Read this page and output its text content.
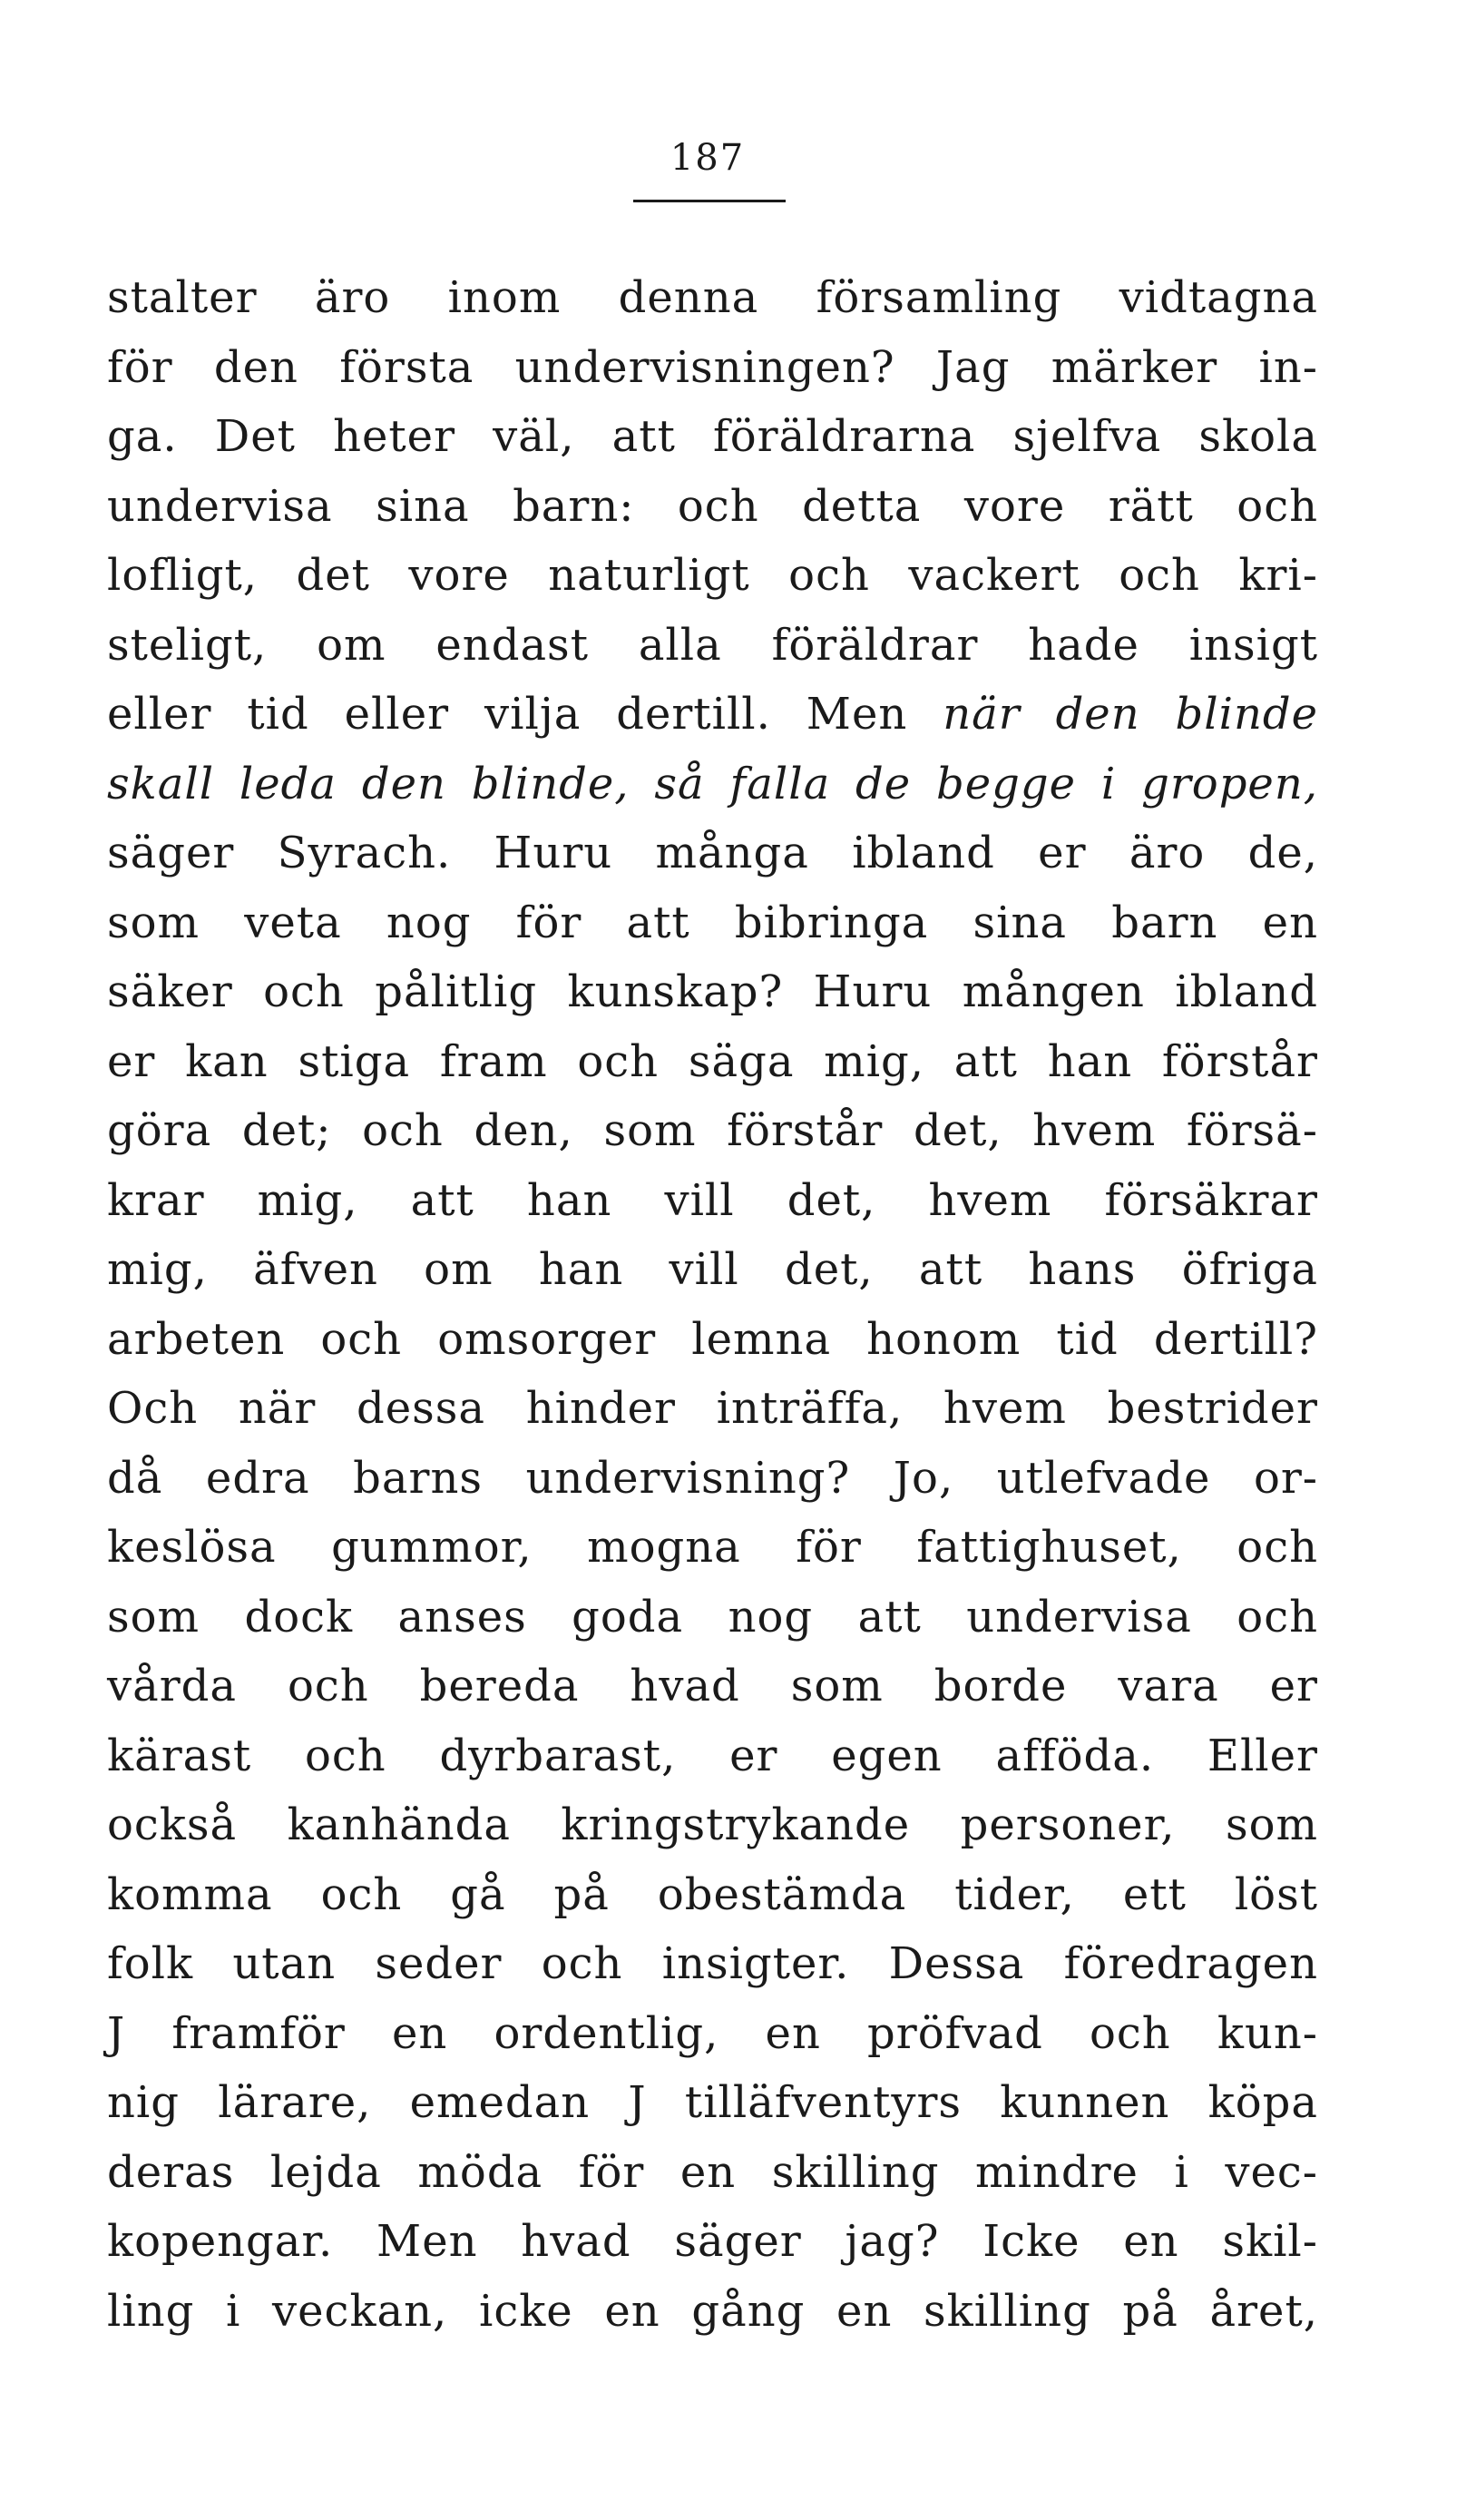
187
stalter äro inom denna församling vidtagna
för den första undervisningen? Jag märker in-
ga. Det heter väl, att föräldrarna sjelfva skola
undervisa sina barn: och detta vore rätt och
lofligt, det vore naturligt och vackert och kri-
steligt, om endast alla föräldrar hade insigt
eller tid eller vilja dertill. Men när den blinde
skall leda den blinde, så falla de begge i gropen,
säger Syrach. Huru många ibland er äro de,
som veta nog för att bibringa sina barn en
säker och pålitlig kunskap? Huru mången ibland
er kan stiga fram och säga mig, att han förstår
göra det; och den, som förstår det, hvem försä-
krar mig, att han vill det, hvem försäkrar
mig, äfven om han vill det, att hans öfriga
arbeten och omsorger lemna honom tid dertill?
Och när dessa hinder inträffa, hvem bestrider
då edra barns undervisning? Jo, utlefvade or-
keslösa gummor, mogna för fattighuset, och
som dock anses goda nog att undervisa och
vårda och bereda hvad som borde vara er
kärast och dyrbarast, er egen afföda. Eller
också kanhända kringstrykande personer, som
komma och gå på obestämda tider, ett löst
folk utan seder och insigter. Dessa föredragen
J framför en ordentlig, en pröfvad och kun-
nig lärare, emedan J tilläfventyrs kunnen köpa
deras lejda möda för en skilling mindre i vec-
kopengar. Men hvad säger jag? Icke en skil-
ling i veckan, icke en gång en skilling på året,
